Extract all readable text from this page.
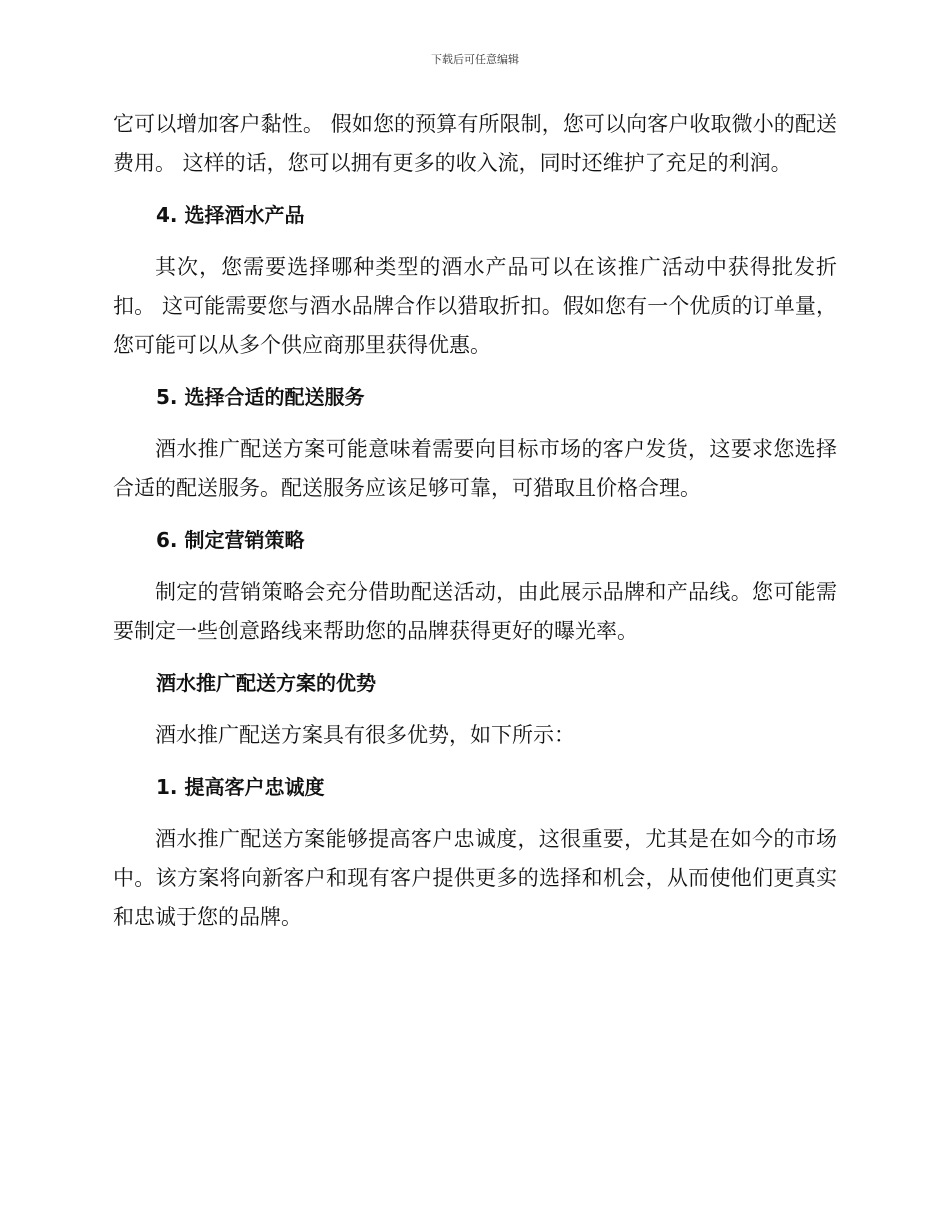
下载后可任意编辑

它可以增加客户黏性。 假如您的预算有所限制，您可以向客户收取微小的配送费用。 这样的话，您可以拥有更多的收入流，同时还维护了充足的利润。

4. 选择酒水产品

其次，您需要选择哪种类型的酒水产品可以在该推广活动中获得批发折扣。 这可能需要您与酒水品牌合作以猎取折扣。假如您有一个优质的订单量，您可能可以从多个供应商那里获得优惠。

5. 选择合适的配送服务

酒水推广配送方案可能意味着需要向目标市场的客户发货，这要求您选择合适的配送服务。配送服务应该足够可靠，可猎取且价格合理。

6. 制定营销策略

制定的营销策略会充分借助配送活动，由此展示品牌和产品线。您可能需要制定一些创意路线来帮助您的品牌获得更好的曝光率。

酒水推广配送方案的优势

酒水推广配送方案具有很多优势，如下所示：

1. 提高客户忠诚度

酒水推广配送方案能够提高客户忠诚度，这很重要，尤其是在如今的市场中。该方案将向新客户和现有客户提供更多的选择和机会，从而使他们更真实和忠诚于您的品牌。
